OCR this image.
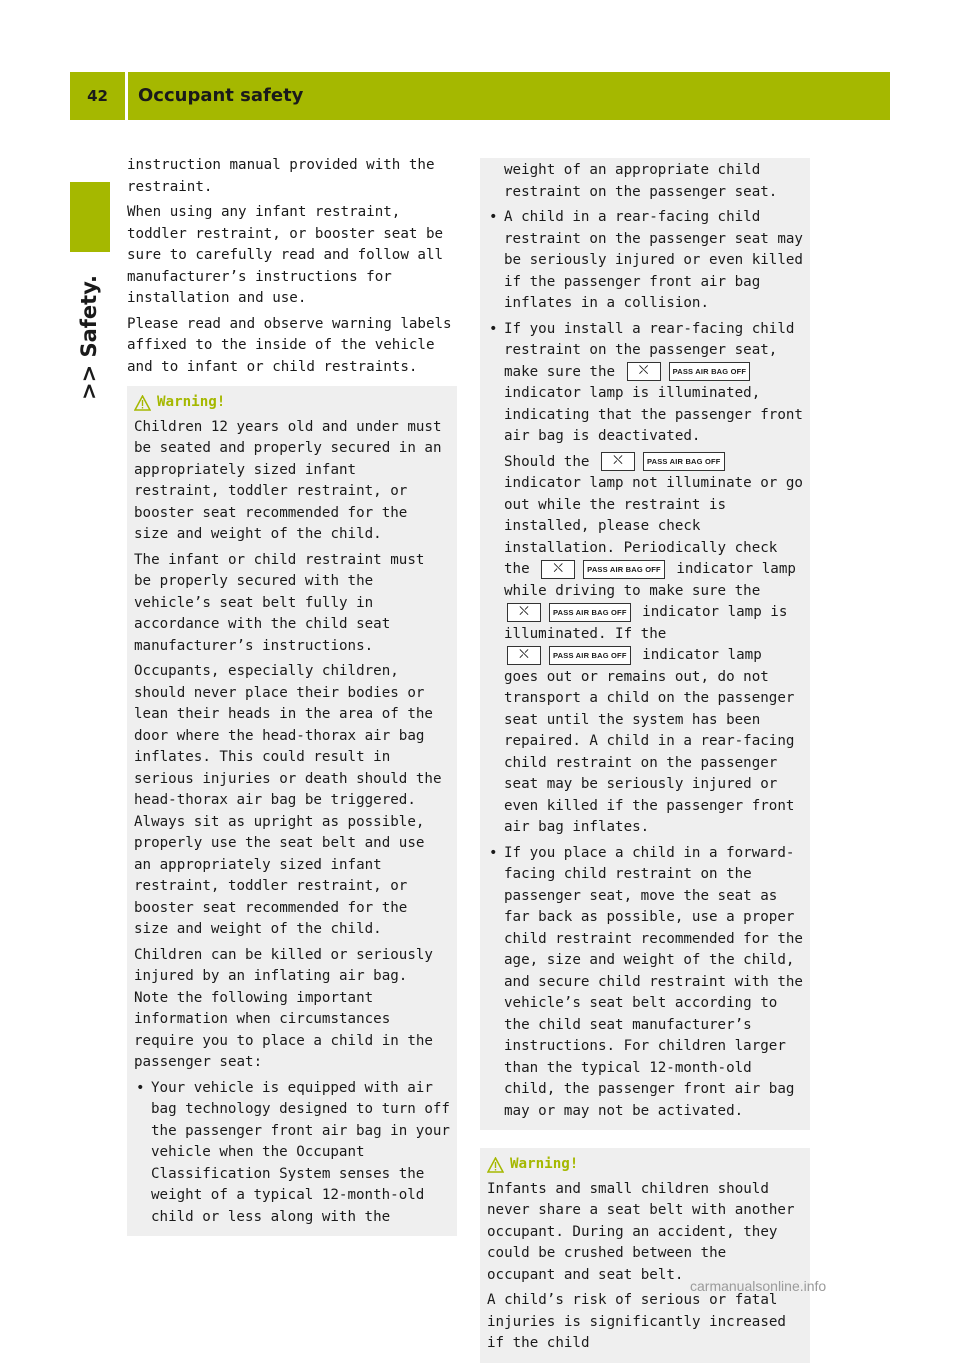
42	Occupant safety
>> Safety.

instruction manual provided with the restraint.

When using any infant restraint, toddler restraint, or booster seat be sure to carefully read and follow all manufacturer’s instructions for installation and use.

Please read and observe warning labels affixed to the inside of the vehicle and to infant or child restraints.

Warning!

Children 12 years old and under must be seated and properly secured in an appropriately sized infant restraint, toddler restraint, or booster seat recommended for the size and weight of the child.

The infant or child restraint must be properly secured with the vehicle’s seat belt fully in accordance with the child seat manufacturer’s instructions.

Occupants, especially children, should never place their bodies or lean their heads in the area of the door where the head-thorax air bag inflates. This could result in serious injuries or death should the head-thorax air bag be triggered. Always sit as upright as possible, properly use the seat belt and use an appropriately sized infant restraint, toddler restraint, or booster seat recommended for the size and weight of the child.

Children can be killed or seriously injured by an inflating air bag. Note the following important information when circumstances require you to place a child in the passenger seat:

• Your vehicle is equipped with air bag technology designed to turn off the passenger front air bag in your vehicle when the Occupant Classification System senses the weight of a typical 12-month-old child or less along with the

weight of an appropriate child restraint on the passenger seat.

• A child in a rear-facing child restraint on the passenger seat may be seriously injured or even killed if the passenger front air bag inflates in a collision.

• If you install a rear-facing child restraint on the passenger seat, make sure the	⛌	PASS AIR BAG OFF
indicator lamp is illuminated, indicating that the passenger front air bag is deactivated.
Should the	⛌	PASS AIR BAG OFF
indicator lamp not illuminate or go out while the restraint is installed, please check installation. Periodically check the	⛌	PASS AIR BAG OFF indicator lamp while driving to make sure the
⛌	PASS AIR BAG OFF indicator lamp is illuminated. If the
⛌	PASS AIR BAG OFF indicator lamp goes out or remains out, do not transport a child on the passenger seat until the system has been repaired. A child in a rear-facing child restraint on the passenger seat may be seriously injured or even killed if the passenger front air bag inflates.

• If you place a child in a forward-facing child restraint on the passenger seat, move the seat as far back as possible, use a proper child restraint recommended for the age, size and weight of the child, and secure child restraint with the vehicle’s seat belt according to the child seat manufacturer’s instructions. For children larger than the typical 12-month-old child, the passenger front air bag may or may not be activated.

Warning!

Infants and small children should never share a seat belt with another occupant. During an accident, they could be crushed between the occupant and seat belt.

A child’s risk of serious or fatal injuries is significantly increased if the child

carmanualsonline.info
